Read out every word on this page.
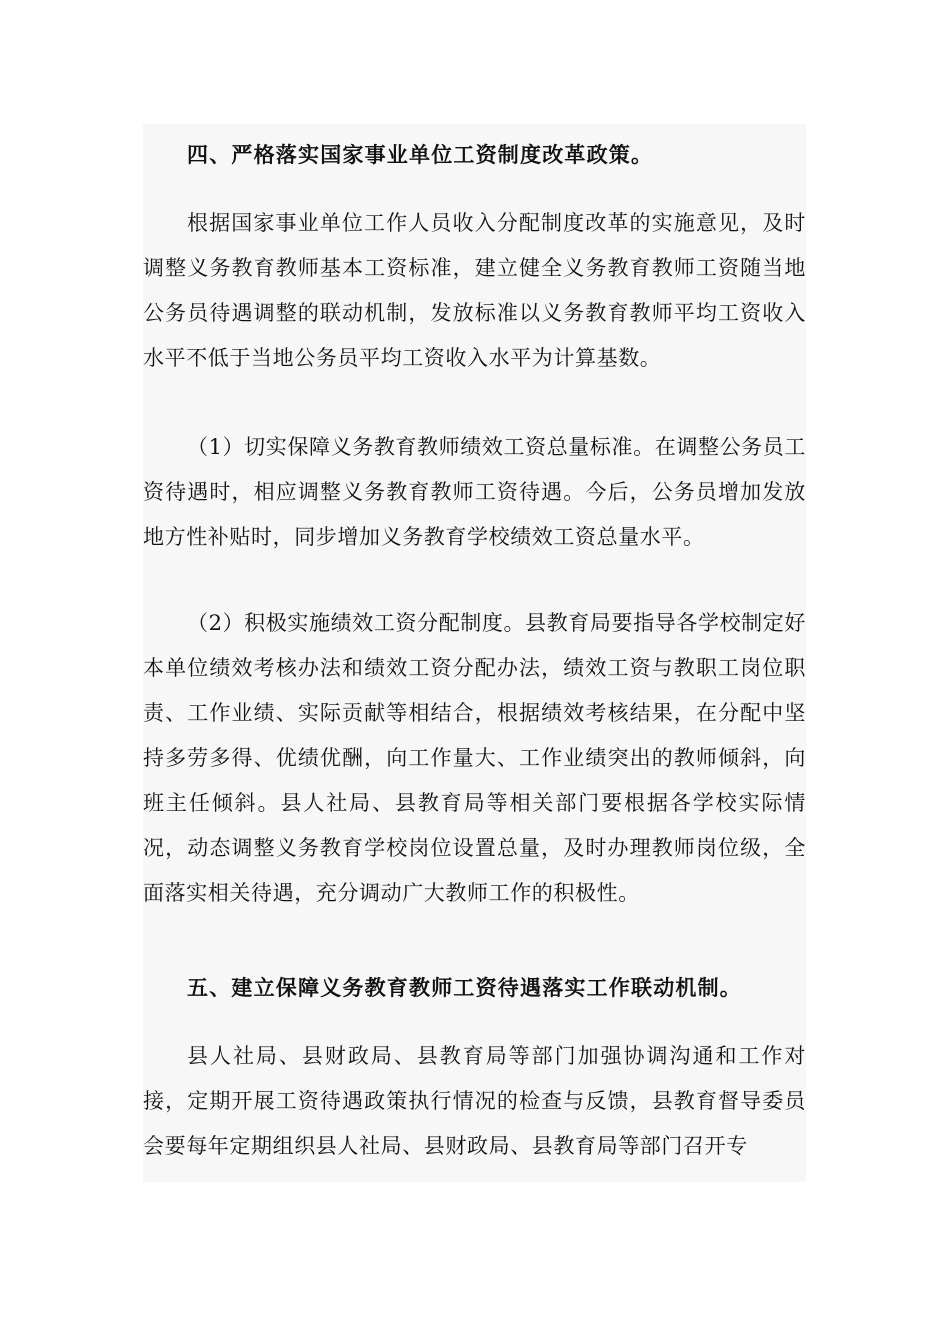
四、严格落实国家事业单位工资制度改革政策。

根据国家事业单位工作人员收入分配制度改革的实施意见，及时调整义务教育教师基本工资标准，建立健全义务教育教师工资随当地公务员待遇调整的联动机制，发放标准以义务教育教师平均工资收入水平不低于当地公务员平均工资收入水平为计算基数。

（1）切实保障义务教育教师绩效工资总量标准。在调整公务员工资待遇时，相应调整义务教育教师工资待遇。今后，公务员增加发放地方性补贴时，同步增加义务教育学校绩效工资总量水平。

（2）积极实施绩效工资分配制度。县教育局要指导各学校制定好本单位绩效考核办法和绩效工资分配办法，绩效工资与教职工岗位职责、工作业绩、实际贡献等相结合，根据绩效考核结果，在分配中坚持多劳多得、优绩优酬，向工作量大、工作业绩突出的教师倾斜，向班主任倾斜。县人社局、县教育局等相关部门要根据各学校实际情况，动态调整义务教育学校岗位设置总量，及时办理教师岗位级，全面落实相关待遇，充分调动广大教师工作的积极性。

五、建立保障义务教育教师工资待遇落实工作联动机制。

县人社局、县财政局、县教育局等部门加强协调沟通和工作对接，定期开展工资待遇政策执行情况的检查与反馈，县教育督导委员会要每年定期组织县人社局、县财政局、县教育局等部门召开专
